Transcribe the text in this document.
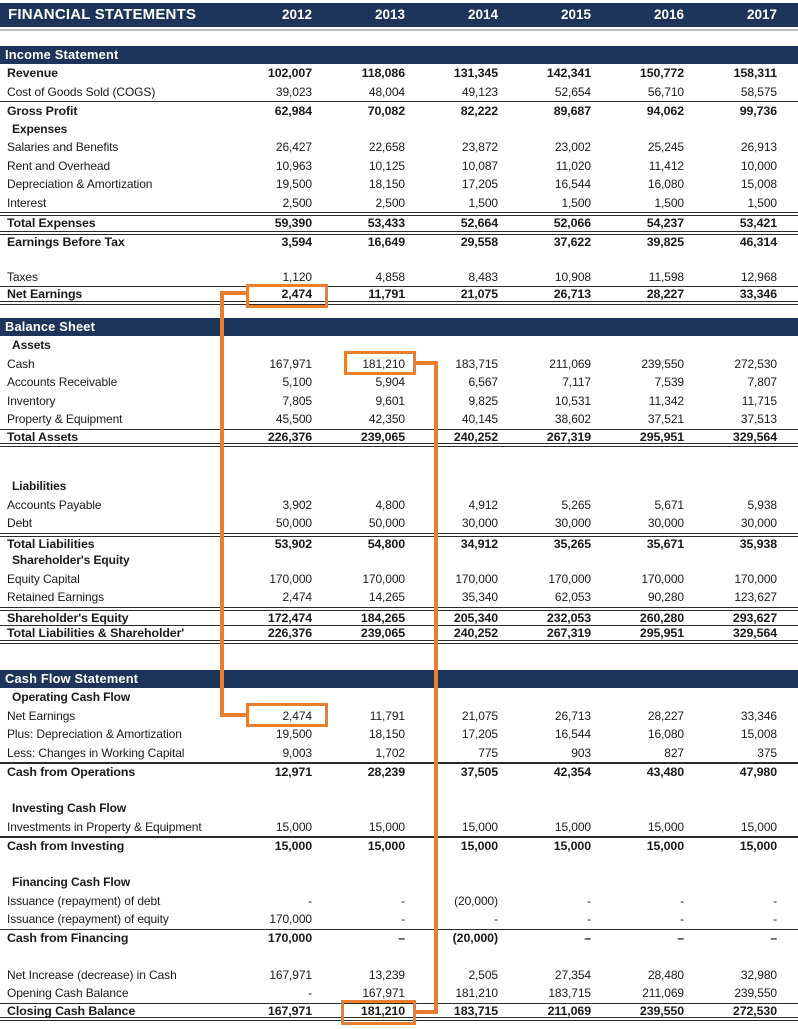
FINANCIAL STATEMENTS	2012	2013	2014	2015	2016	2017
Income Statement
Revenue	102,007	118,086	131,345	142,341	150,772	158,311
Cost of Goods Sold (COGS)	39,023	48,004	49,123	52,654	56,710	58,575
Gross Profit	62,984	70,082	82,222	89,687	94,062	99,736
Expenses
Salaries and Benefits	26,427	22,658	23,872	23,002	25,245	26,913
Rent and Overhead	10,963	10,125	10,087	11,020	11,412	10,000
Depreciation & Amortization	19,500	18,150	17,205	16,544	16,080	15,008
Interest	2,500	2,500	1,500	1,500	1,500	1,500
Total Expenses	59,390	53,433	52,664	52,066	54,237	53,421
Earnings Before Tax	3,594	16,649	29,558	37,622	39,825	46,314
Taxes	1,120	4,858	8,483	10,908	11,598	12,968
Net Earnings	2,474	11,791	21,075	26,713	28,227	33,346
Balance Sheet
Assets
Cash	167,971	181,210	183,715	211,069	239,550	272,530
Accounts Receivable	5,100	5,904	6,567	7,117	7,539	7,807
Inventory	7,805	9,601	9,825	10,531	11,342	11,715
Property & Equipment	45,500	42,350	40,145	38,602	37,521	37,513
Total Assets	226,376	239,065	240,252	267,319	295,951	329,564
Liabilities
Accounts Payable	3,902	4,800	4,912	5,265	5,671	5,938
Debt	50,000	50,000	30,000	30,000	30,000	30,000
Total Liabilities	53,902	54,800	34,912	35,265	35,671	35,938
Shareholder's Equity
Equity Capital	170,000	170,000	170,000	170,000	170,000	170,000
Retained Earnings	2,474	14,265	35,340	62,053	90,280	123,627
Shareholder's Equity	172,474	184,265	205,340	232,053	260,280	293,627
Total Liabilities & Shareholder'	226,376	239,065	240,252	267,319	295,951	329,564
Cash Flow Statement
Operating Cash Flow
Net Earnings	2,474	11,791	21,075	26,713	28,227	33,346
Plus: Depreciation & Amortization	19,500	18,150	17,205	16,544	16,080	15,008
Less: Changes in Working Capital	9,003	1,702	775	903	827	375
Cash from Operations	12,971	28,239	37,505	42,354	43,480	47,980
Investing Cash Flow
Investments in Property & Equipment	15,000	15,000	15,000	15,000	15,000	15,000
Cash from Investing	15,000	15,000	15,000	15,000	15,000	15,000
Financing Cash Flow
Issuance (repayment) of debt	-	-	(20,000)	-	-	-
Issuance (repayment) of equity	170,000	-	-	-	-	-
Cash from Financing	170,000	–	(20,000)	–	–	–
Net Increase (decrease) in Cash	167,971	13,239	2,505	27,354	28,480	32,980
Opening Cash Balance	-	167,971	181,210	183,715	211,069	239,550
Closing Cash Balance	167,971	181,210	183,715	211,069	239,550	272,530
